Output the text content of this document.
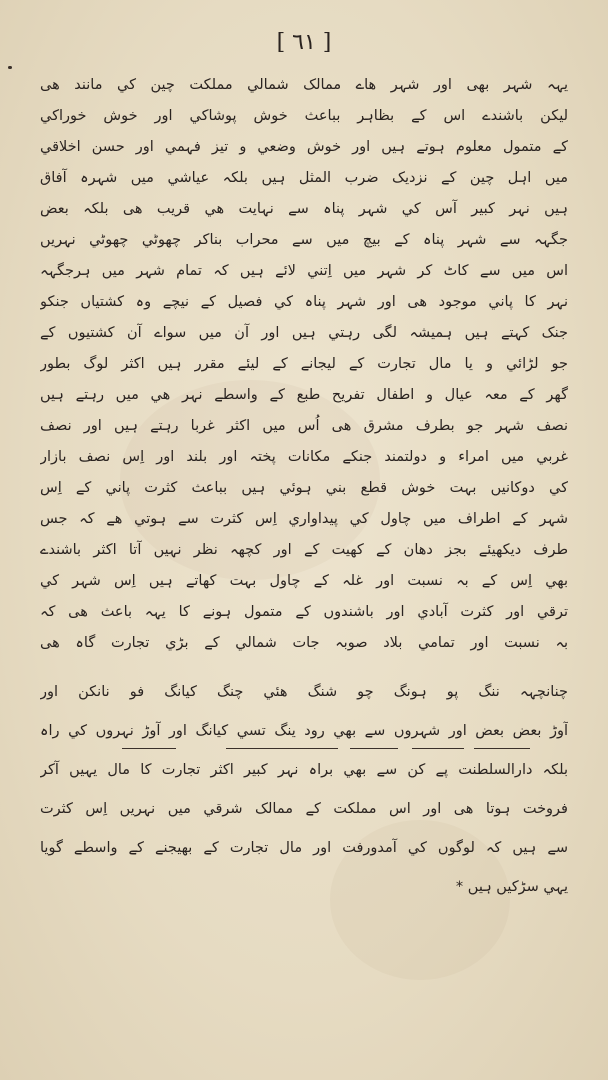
[ ٦١ ]
یہہ شہر بھی اور شہر ھاے ممالک شمالي مملکت چین کي مانند ھی
لیکن باشندے اس کے بظاہر بباعث خوش پوشاکي اور خوش خوراکي
کے متمول معلوم ہوتے ہیں اور خوش وضعي و تیز فہمي اور حسن اخلاقي
میں اہل چین کے نزدیک ضرب المثل ہیں بلکہ عیاشي میں شہرہ آفاق
ہیں نہر کبیر آس کي شہر پناہ سے نہایت ھي قریب ھی بلکہ بعض
جگہہ سے شہر پناہ کے بیچ میں سے محراب بناکر چھوٹي چھوٹي نہریں
اس میں سے کاٹ کر شہر میں اِتني لائے ہیں کہ تمام شہر میں ہرجگہہ
نہر کا پاني موجود ھی اور شہر پناہ کي فصیل کے نیچے وہ کشتیاں جنکو
جنک کہتے ہیں ہمیشہ لگی رہتي ہیں اور آن میں سواے آن کشتیوں کے
جو لڑائي و یا مال تجارت کے لیجانے کے لیئے مقرر ہیں اکثر لوگ بطور
گھر کے معہ عیال و اطفال تفریح طبع کے واسطے نہر ھي میں رہتے ہیں
نصف شہر جو بطرف مشرق ھی اُس میں اکثر غربا رہتے ہیں اور نصف
غربي میں امراء و دولتمند جنکے مکانات پختہ اور بلند اور اِس نصف بازار
کي دوکانیں بہت خوش قطع بني ہوئي ہیں بباعث کثرت پاني کے اِس
شہر کے اطراف میں چاول کي پیداواري اِس کثرت سے ہوتي ھے کہ جس
طرف دیکھیئے بجز دھان کے کھیت کے اور کچھہ نظر نہیں آتا اکثر باشندے
بھي اِس کے بہ نسبت اور غلہ کے چاول بہت کھاتے ہیں اِس شہر کي
ترقي اور کثرت آبادي اور باشندوں کے متمول ہونے کا یہہ باعث ھی کہ
بہ نسبت اور تمامي بلاد صوبہ جات شمالي کے بڑي تجارت گاہ ھی
چنانچہہ ننگ پو ہونگ چو شنگ ھئي چنگ کیانگ فو نانکن اور
آوڑ بعض بعض اور شہروں سے بھي رود ینگ تسي کیانگ اور آوڑ نہروں کي راہ
بلکہ دارالسلطنت پے کن سے بھي براہ نہر کبیر اکثر تجارت کا مال یہیں آکر
فروخت ہوتا ھی اور اس مملکت کے ممالک شرقي میں نہریں اِس کثرت
سے ہیں کہ لوگوں کي آمدورفت اور مال تجارت کے بھیجنے کے واسطے گویا
یہي سڑکیں ہیں *
